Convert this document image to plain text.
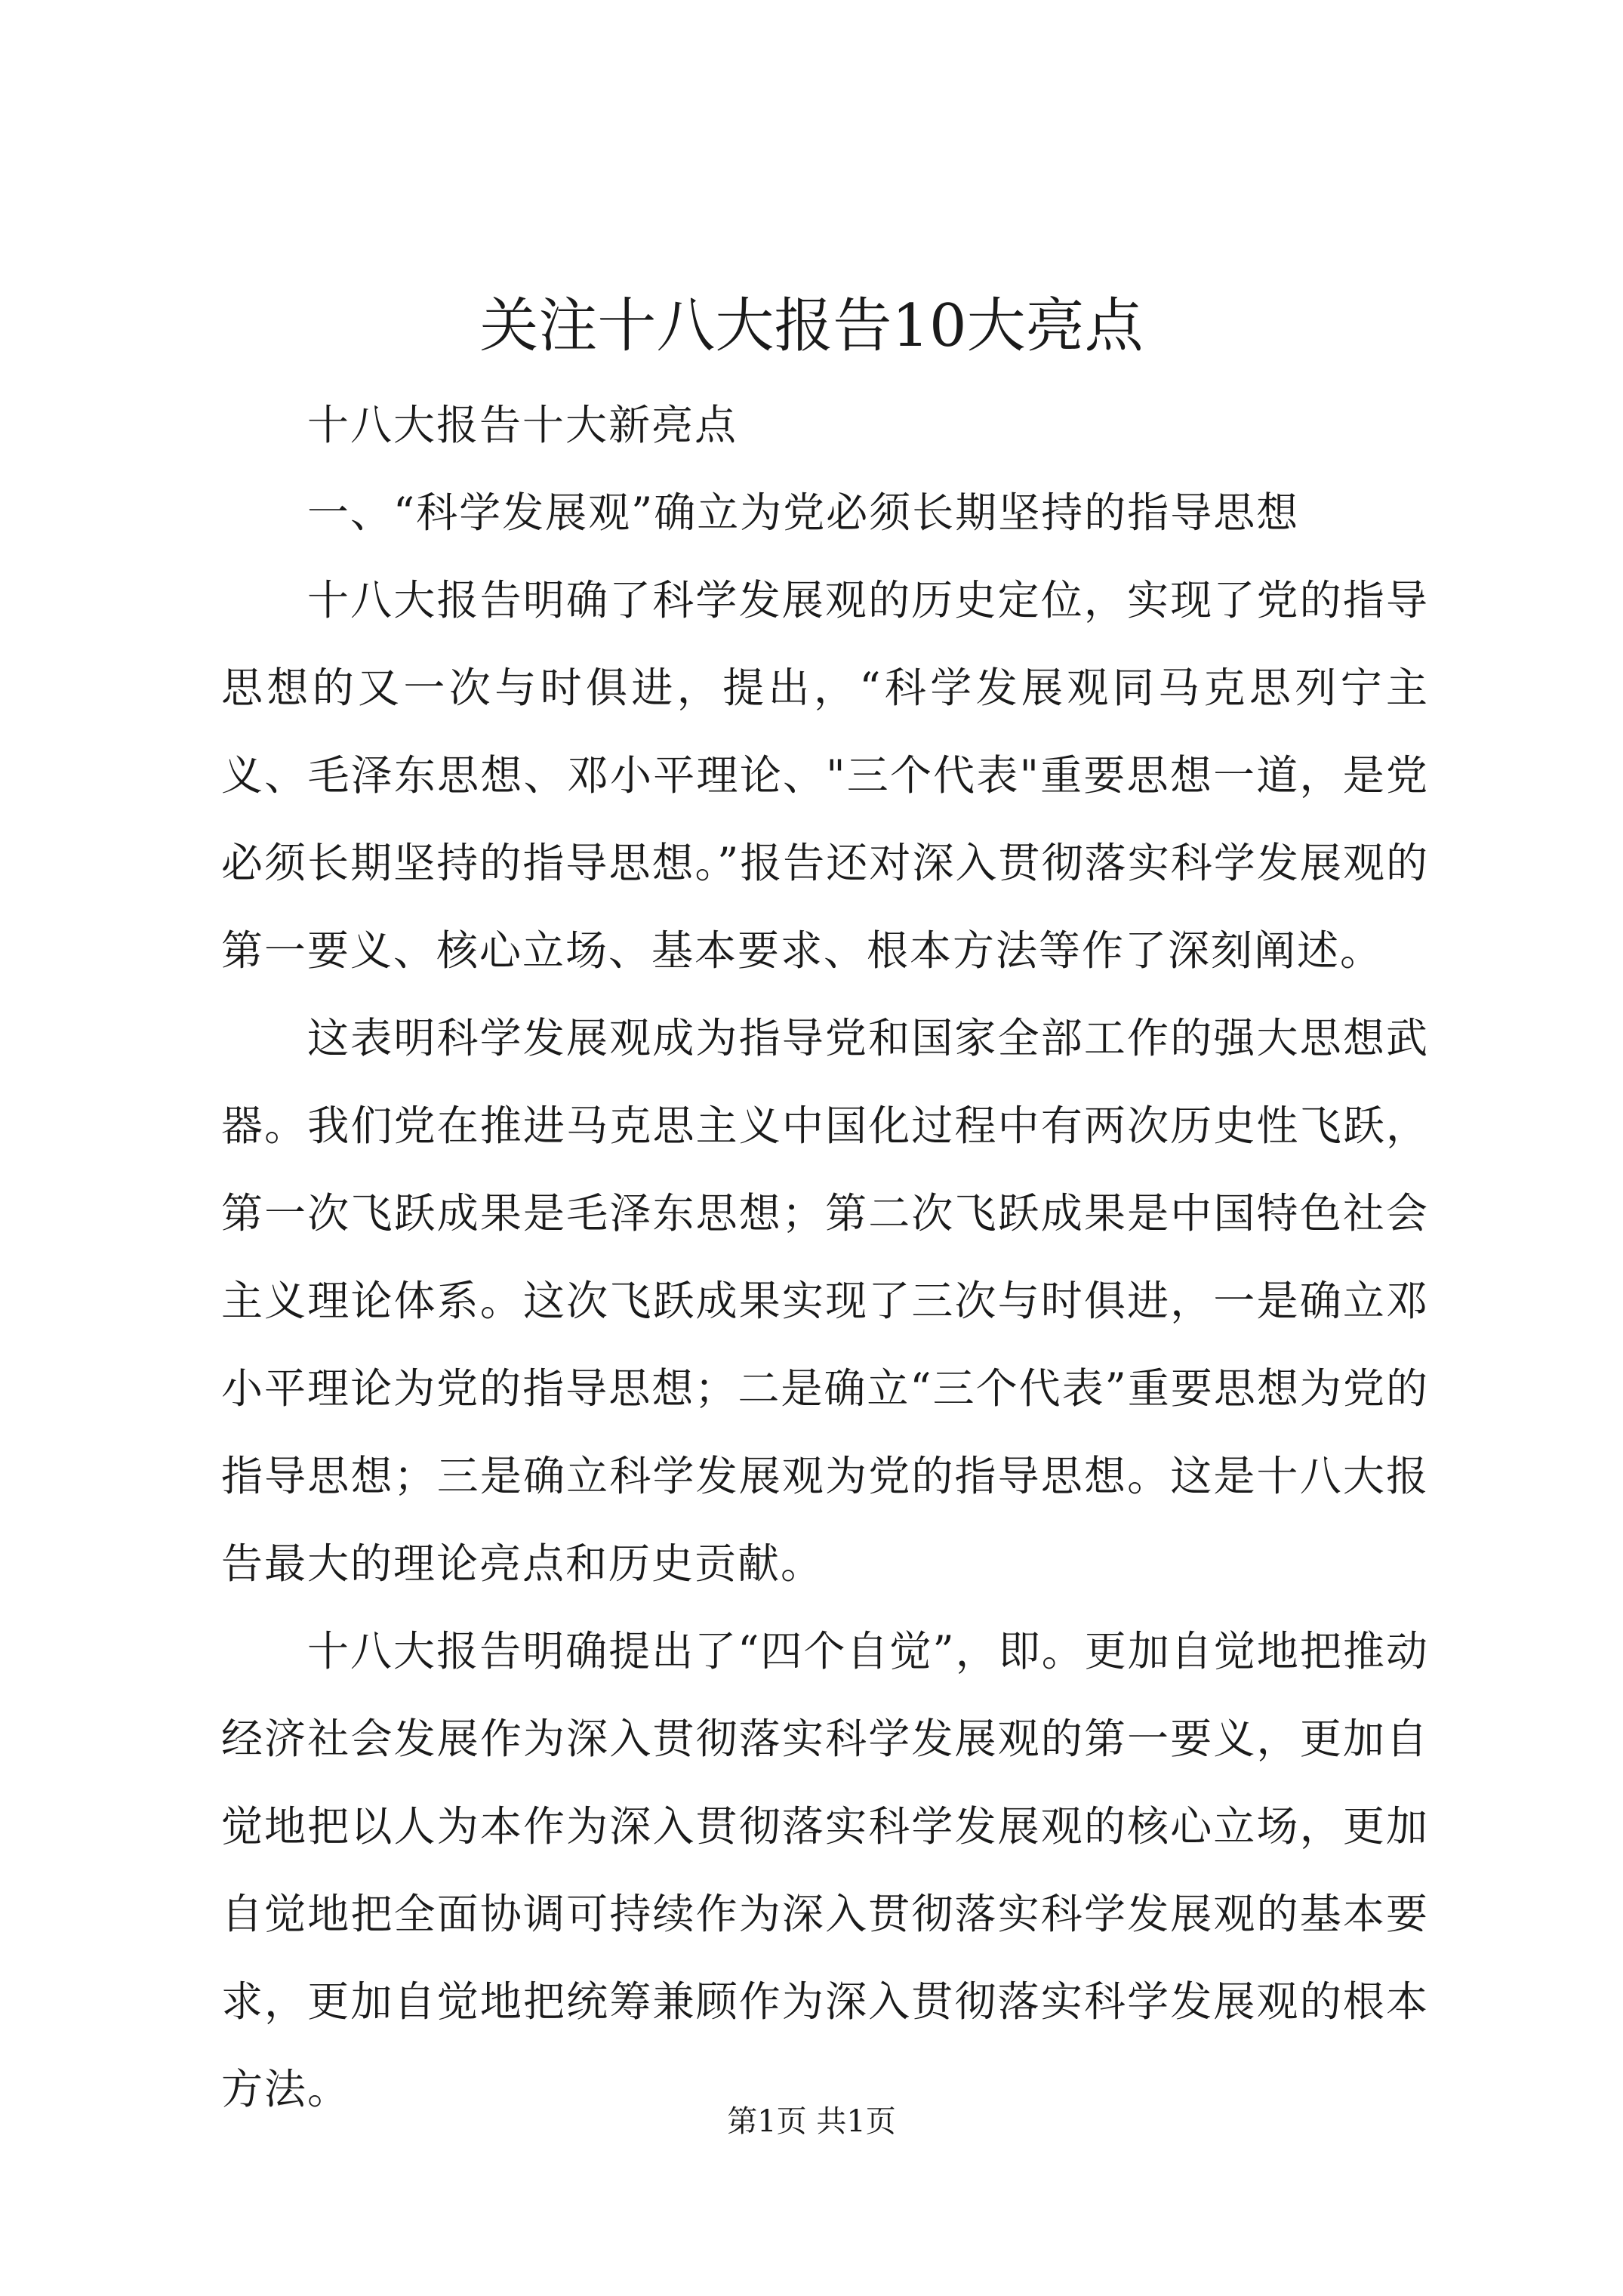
关注十八大报告10大亮点

十八大报告十大新亮点

一、“科学发展观”确立为党必须长期坚持的指导思想

十八大报告明确了科学发展观的历史定位，实现了党的指导思想的又一次与时俱进，提出，“科学发展观同马克思列宁主义、毛泽东思想、邓小平理论、"三个代表"重要思想一道，是党必须长期坚持的指导思想。”报告还对深入贯彻落实科学发展观的第一要义、核心立场、基本要求、根本方法等作了深刻阐述。

这表明科学发展观成为指导党和国家全部工作的强大思想武器。我们党在推进马克思主义中国化过程中有两次历史性飞跃，第一次飞跃成果是毛泽东思想；第二次飞跃成果是中国特色社会主义理论体系。这次飞跃成果实现了三次与时俱进，一是确立邓小平理论为党的指导思想；二是确立“三个代表”重要思想为党的指导思想；三是确立科学发展观为党的指导思想。这是十八大报告最大的理论亮点和历史贡献。

十八大报告明确提出了“四个自觉”，即。更加自觉地把推动经济社会发展作为深入贯彻落实科学发展观的第一要义，更加自觉地把以人为本作为深入贯彻落实科学发展观的核心立场，更加自觉地把全面协调可持续作为深入贯彻落实科学发展观的基本要求，更加自觉地把统筹兼顾作为深入贯彻落实科学发展观的根本方法。

第1页 共1页
